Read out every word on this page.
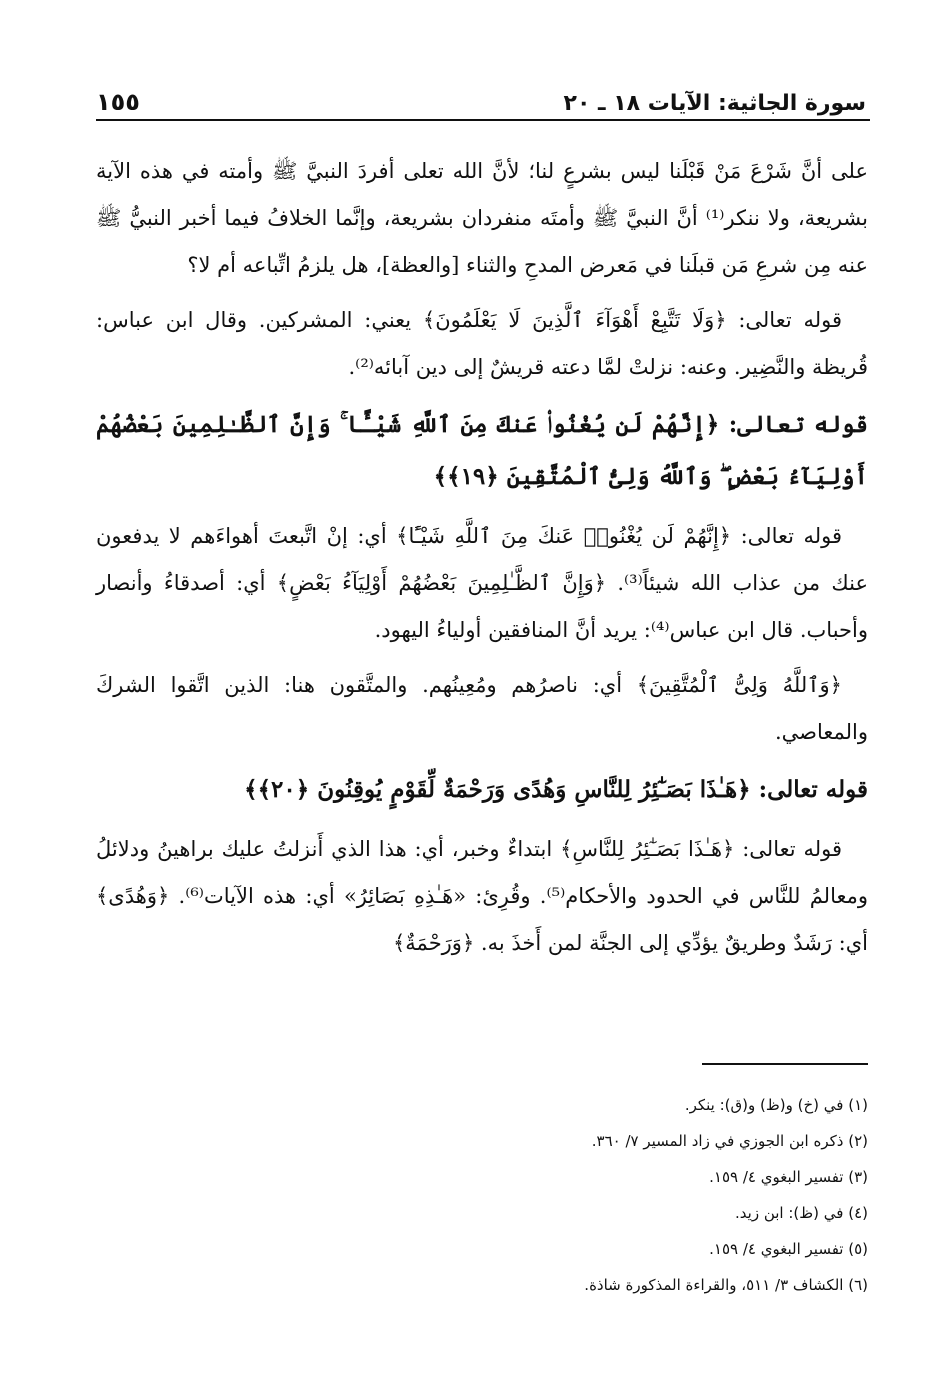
سورة الجاثية: الآيات ١٨ ـ ٢٠
١٥٥

على أنَّ شَرْعَ مَنْ قَبْلَنا ليس بشرعٍ لنا؛ لأنَّ الله تعلى أفردَ النبيَّ ﷺ وأمته في هذه الآية بشريعة، ولا ننكر⁽¹⁾ أنَّ النبيَّ ﷺ وأمتَه منفردان بشريعة، وإنَّما الخلافُ فيما أخبر النبيُّ ﷺ عنه مِن شرعِ مَن قبلَنا في مَعرض المدحِ والثناء [والعظة]، هل يلزمُ اتِّباعه أم لا؟

قوله تعالى: ﴿وَلَا تَتَّبِعْ أَهْوَآءَ ٱلَّذِينَ لَا يَعْلَمُونَ﴾ يعني: المشركين. وقال ابن عباس: قُريظة والنَّضِير. وعنه: نزلتْ لمَّا دعته قريشٌ إلى دين آبائه⁽²⁾.

قوله تعالى: ﴿إِنَّهُمْ لَن يُغْنُوا۟ عَنكَ مِنَ ٱللَّهِ شَيْـًٔا ۚ وَإِنَّ ٱلظَّـٰلِمِينَ بَعْضُهُمْ أَوْلِيَآءُ بَعْضٍ ۖ وَٱللَّهُ وَلِىُّ ٱلْمُتَّقِينَ ﴿١٩﴾﴾

قوله تعالى: ﴿إِنَّهُمْ لَن يُغْنُوا۟ عَنكَ مِنَ ٱللَّهِ شَيْـًٔا﴾ أي: إنْ اتَّبعتَ أهواءَهم لا يدفعون عنك من عذاب الله شيئاً⁽³⁾. ﴿وَإِنَّ ٱلظَّـٰلِمِينَ بَعْضُهُمْ أَوْلِيَآءُ بَعْضٍ﴾ أي: أصدقاءُ وأنصار وأحباب. قال ابن عباس⁽⁴⁾: يريد أنَّ المنافقين أولياءُ اليهود.

﴿وَٱللَّهُ وَلِىُّ ٱلْمُتَّقِينَ﴾ أي: ناصرُهم ومُعِينُهم. والمتَّقون هنا: الذين اتَّقوا الشركَ والمعاصي.

قوله تعالى: ﴿هَـٰذَا بَصَـٰٓئِرُ لِلنَّاسِ وَهُدًى وَرَحْمَةٌ لِّقَوْمٍ يُوقِنُونَ ﴿٢٠﴾﴾

قوله تعالى: ﴿هَـٰذَا بَصَـٰٓئِرُ لِلنَّاسِ﴾ ابتداءٌ وخبر، أي: هذا الذي أَنزلتُ عليك براهينُ ودلائلُ ومعالمُ للنَّاس في الحدود والأحكام⁽⁵⁾. وقُرِئ: «هَـٰذِهِ بَصَائِرُ» أي: هذه الآيات⁽⁶⁾. ﴿وَهُدًى﴾ أي: رَشَدٌ وطريقٌ يؤدِّي إلى الجنَّة لمن أَخذَ به. ﴿وَرَحْمَةٌ﴾

(١) في (خ) و(ظ) و(ق): ينكر.

(٢) ذكره ابن الجوزي في زاد المسير ٧/ ٣٦٠.

(٣) تفسير البغوي ٤/ ١٥٩.

(٤) في (ظ): ابن زيد.

(٥) تفسير البغوي ٤/ ١٥٩.

(٦) الكشاف ٣/ ٥١١، والقراءة المذكورة شاذة.
